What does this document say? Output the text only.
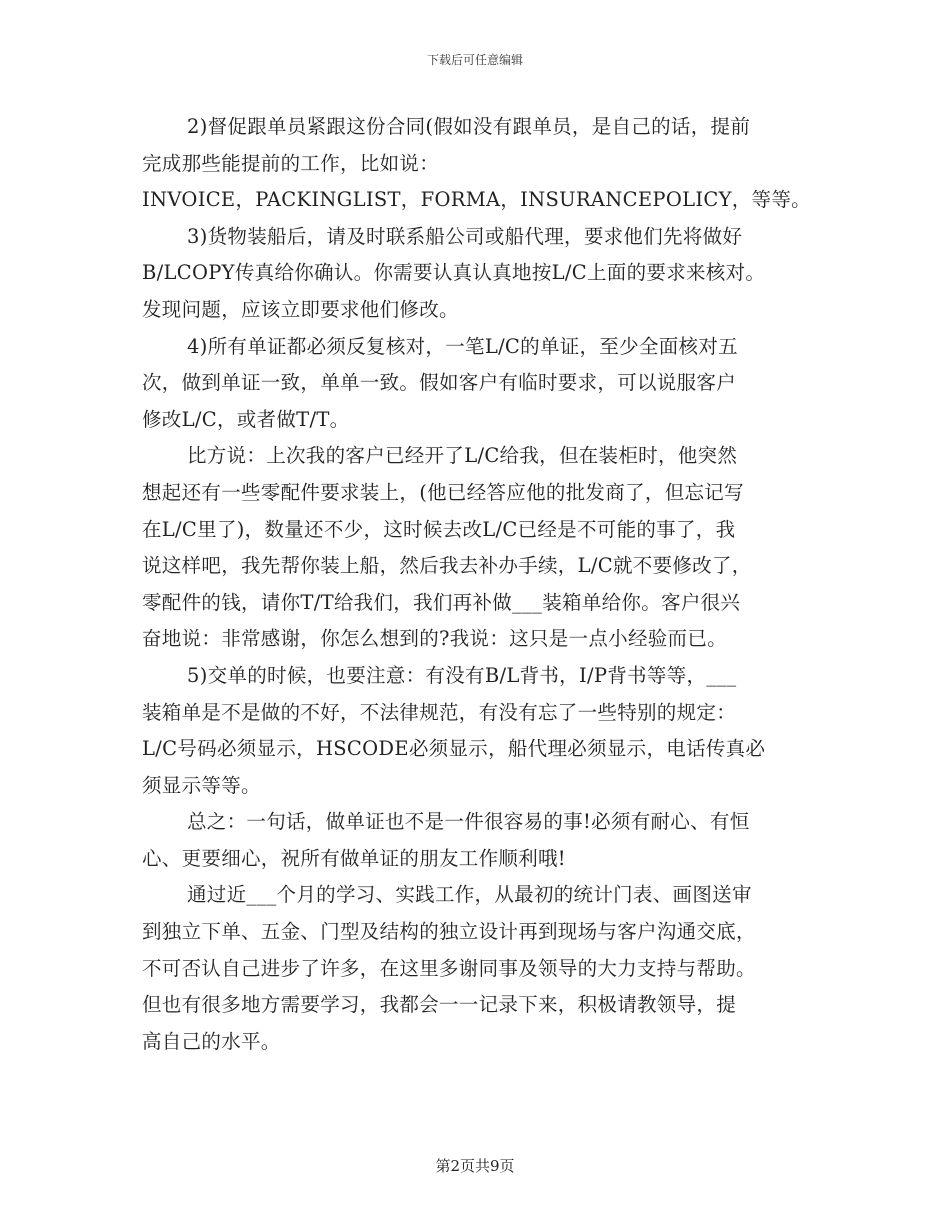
下载后可任意编辑

2)督促跟单员紧跟这份合同(假如没有跟单员，是自己的话，提前

完成那些能提前的工作，比如说：

INVOICE，PACKINGLIST，FORMA，INSURANCEPOLICY，等等。

3)货物装船后，请及时联系船公司或船代理，要求他们先将做好

B/LCOPY传真给你确认。你需要认真认真地按L/C上面的要求来核对。

发现问题，应该立即要求他们修改。

4)所有单证都必须反复核对，一笔L/C的单证，至少全面核对五

次，做到单证一致，单单一致。假如客户有临时要求，可以说服客户

修改L/C，或者做T/T。

比方说：上次我的客户已经开了L/C给我，但在装柜时，他突然

想起还有一些零配件要求装上，(他已经答应他的批发商了，但忘记写

在L/C里了)，数量还不少，这时候去改L/C已经是不可能的事了，我

说这样吧，我先帮你装上船，然后我去补办手续，L/C就不要修改了，

零配件的钱，请你T/T给我们，我们再补做___装箱单给你。客户很兴

奋地说：非常感谢，你怎么想到的?我说：这只是一点小经验而已。

5)交单的时候，也要注意：有没有B/L背书，I/P背书等等，___

装箱单是不是做的不好，不法律规范，有没有忘了一些特别的规定：

L/C号码必须显示，HSCODE必须显示，船代理必须显示，电话传真必

须显示等等。

总之：一句话，做单证也不是一件很容易的事!必须有耐心、有恒

心、更要细心，祝所有做单证的朋友工作顺利哦!

通过近___个月的学习、实践工作，从最初的统计门表、画图送审

到独立下单、五金、门型及结构的独立设计再到现场与客户沟通交底，

不可否认自己进步了许多，在这里多谢同事及领导的大力支持与帮助。

但也有很多地方需要学习，我都会一一记录下来，积极请教领导，提

高自己的水平。

第2页共9页
